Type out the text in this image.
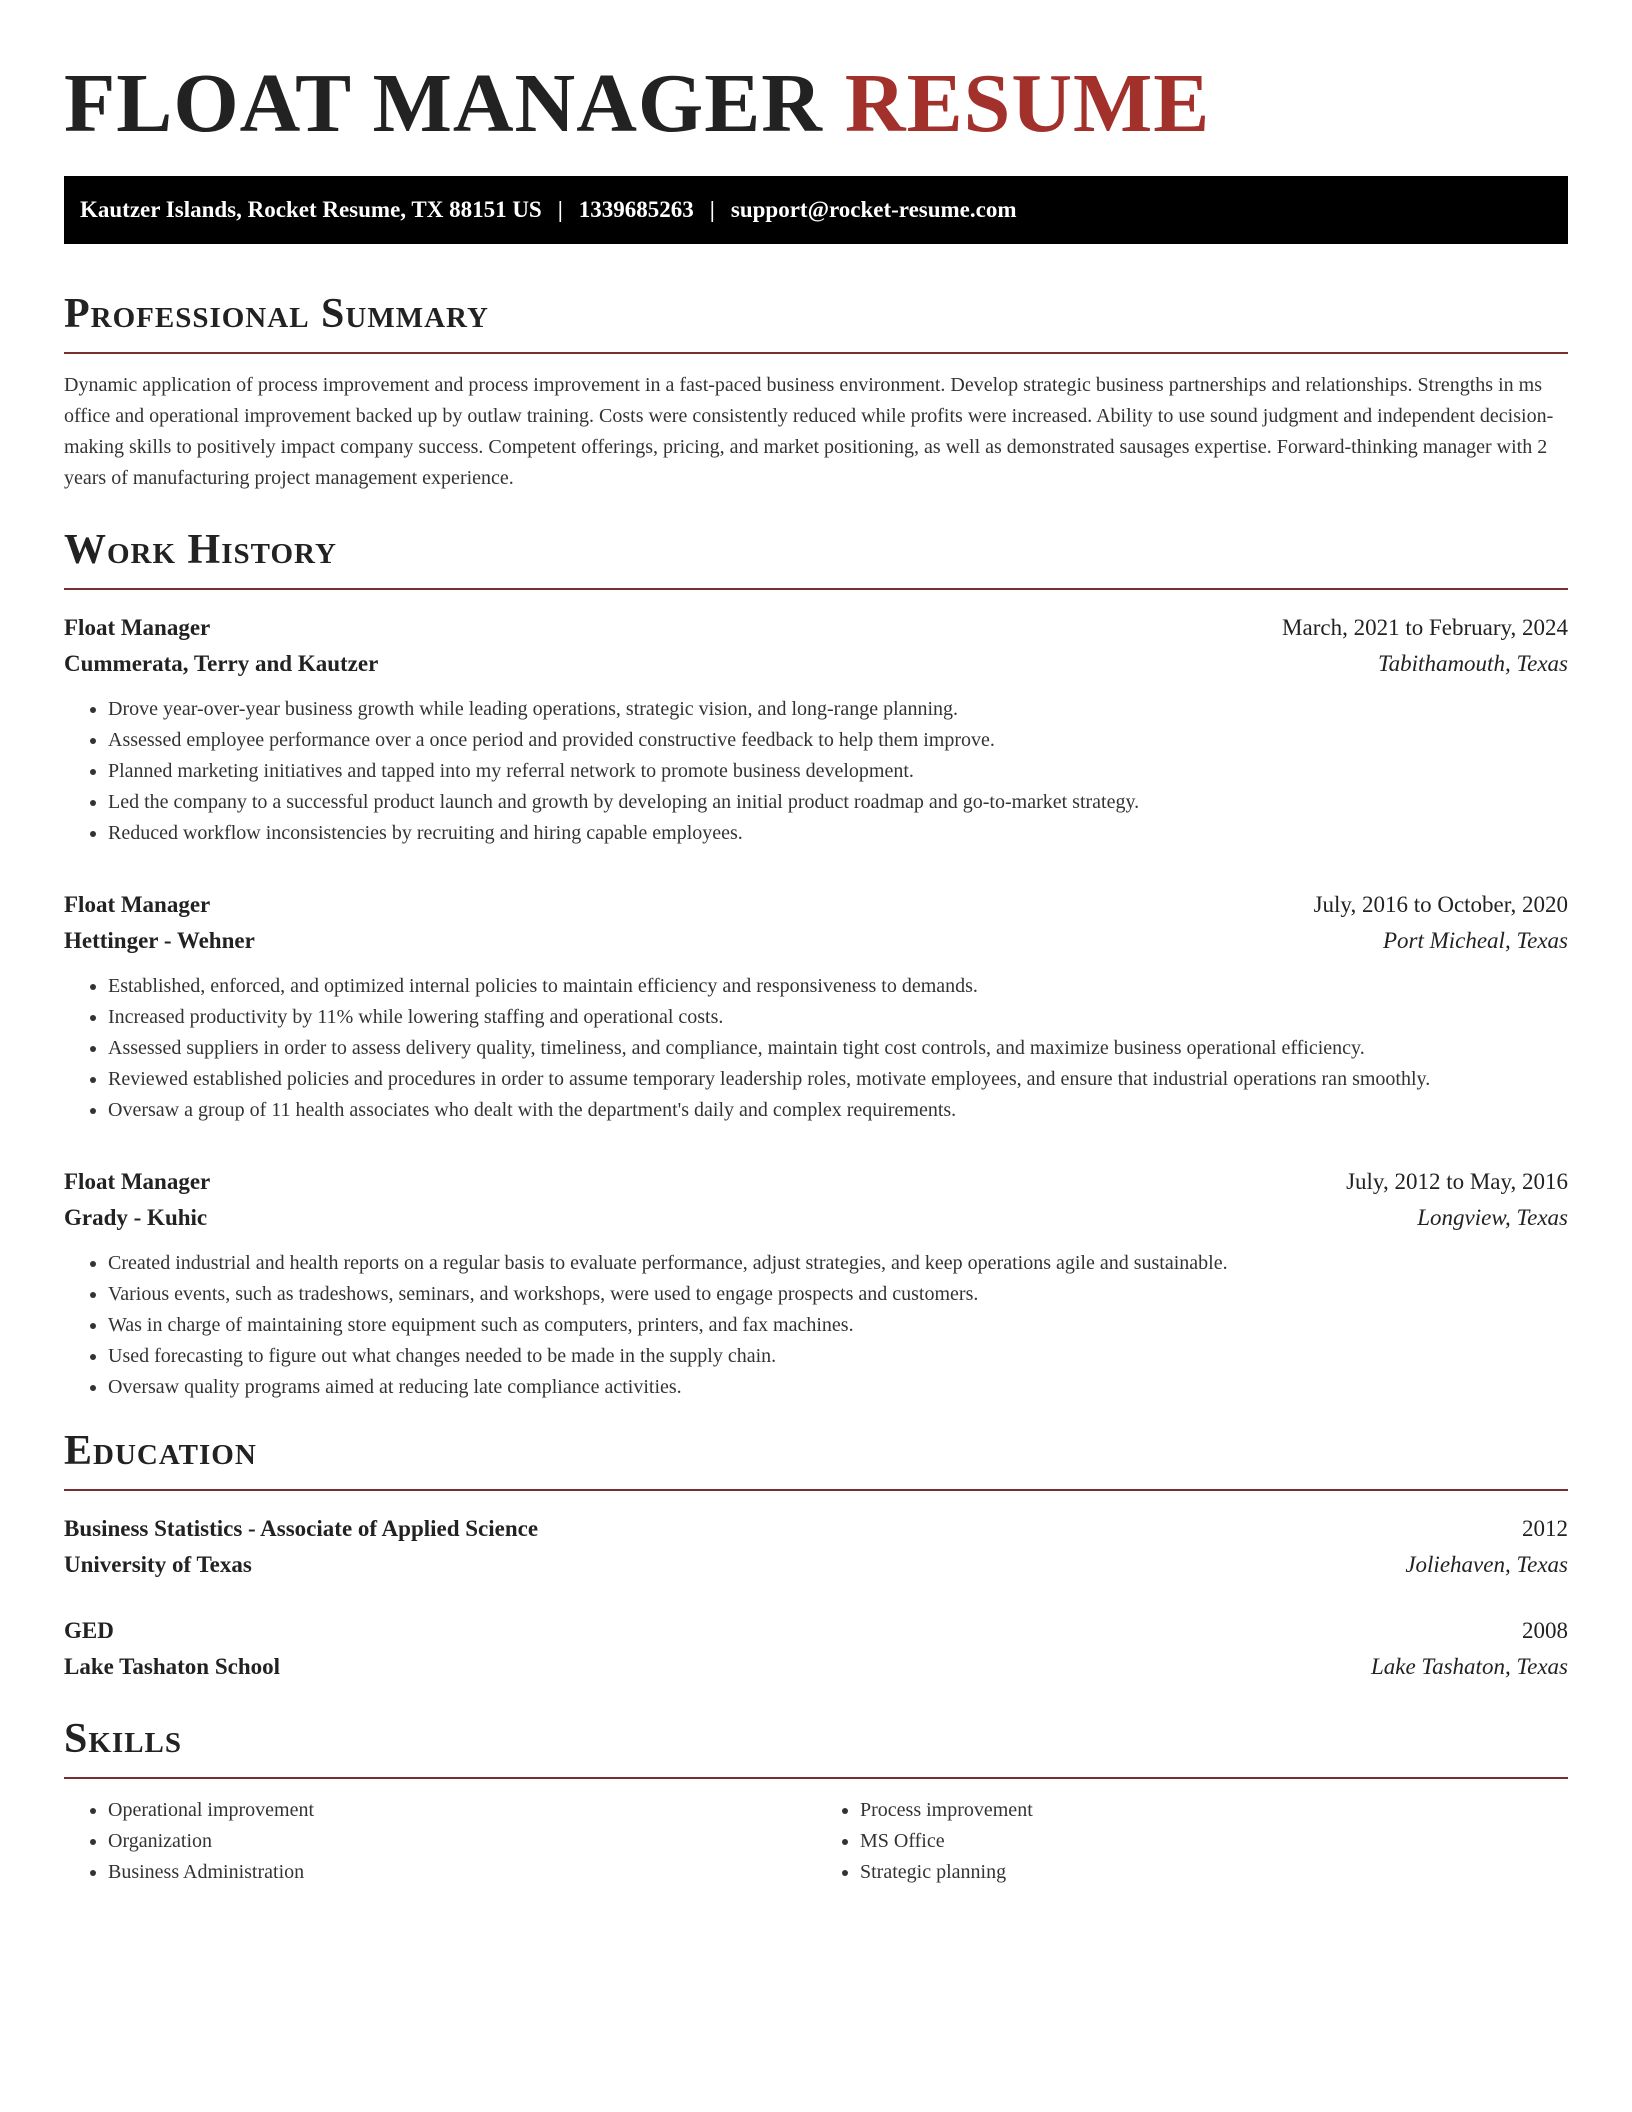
FLOAT MANAGER RESUME
Kautzer Islands, Rocket Resume, TX 88151 US | 1339685263 | support@rocket-resume.com
Professional Summary

Dynamic application of process improvement and process improvement in a fast-paced business environment. Develop strategic business partnerships and relationships. Strengths in ms office and operational improvement backed up by outlaw training. Costs were consistently reduced while profits were increased. Ability to use sound judgment and independent decision-making skills to positively impact company success. Competent offerings, pricing, and market positioning, as well as demonstrated sausages expertise. Forward-thinking manager with 2 years of manufacturing project management experience.

Work History
Float Manager	March, 2021 to February, 2024
Cummerata, Terry and Kautzer	Tabithamouth, Texas
• Drove year-over-year business growth while leading operations, strategic vision, and long-range planning.
• Assessed employee performance over a once period and provided constructive feedback to help them improve.
• Planned marketing initiatives and tapped into my referral network to promote business development.
• Led the company to a successful product launch and growth by developing an initial product roadmap and go-to-market strategy.
• Reduced workflow inconsistencies by recruiting and hiring capable employees.
Float Manager	July, 2016 to October, 2020
Hettinger - Wehner	Port Micheal, Texas
• Established, enforced, and optimized internal policies to maintain efficiency and responsiveness to demands.
• Increased productivity by 11% while lowering staffing and operational costs.
• Assessed suppliers in order to assess delivery quality, timeliness, and compliance, maintain tight cost controls, and maximize business operational efficiency.
• Reviewed established policies and procedures in order to assume temporary leadership roles, motivate employees, and ensure that industrial operations ran smoothly.
• Oversaw a group of 11 health associates who dealt with the department's daily and complex requirements.
Float Manager	July, 2012 to May, 2016
Grady - Kuhic	Longview, Texas
• Created industrial and health reports on a regular basis to evaluate performance, adjust strategies, and keep operations agile and sustainable.
• Various events, such as tradeshows, seminars, and workshops, were used to engage prospects and customers.
• Was in charge of maintaining store equipment such as computers, printers, and fax machines.
• Used forecasting to figure out what changes needed to be made in the supply chain.
• Oversaw quality programs aimed at reducing late compliance activities.
Education
Business Statistics - Associate of Applied Science	2012
University of Texas	Joliehaven, Texas
GED	2008
Lake Tashaton School	Lake Tashaton, Texas
Skills
• Operational improvement
• Organization
• Business Administration
• Process improvement
• MS Office
• Strategic planning
